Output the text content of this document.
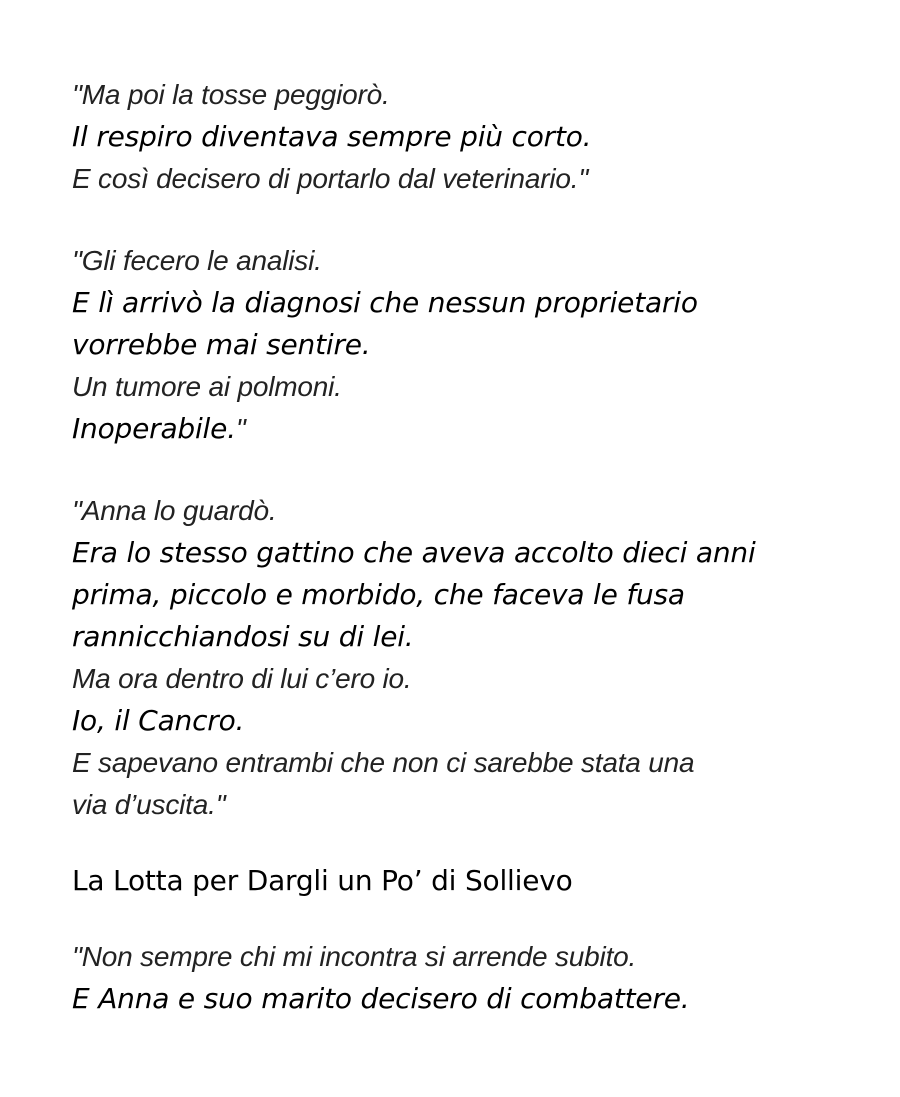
"Ma poi la tosse peggiorò.
Il respiro diventava sempre più corto.
E così decisero di portarlo dal veterinario."
"Gli fecero le analisi.
E lì arrivò la diagnosi che nessun proprietario
vorrebbe mai sentire.
Un tumore ai polmoni.
Inoperabile."
"Anna lo guardò.
Era lo stesso gattino che aveva accolto dieci anni
prima, piccolo e morbido, che faceva le fusa
rannicchiandosi su di lei.
Ma ora dentro di lui c’ero io.
Io, il Cancro.
E sapevano entrambi che non ci sarebbe stata una
via d’uscita."
La Lotta per Dargli un Po’ di Sollievo
"Non sempre chi mi incontra si arrende subito.
E Anna e suo marito decisero di combattere.
